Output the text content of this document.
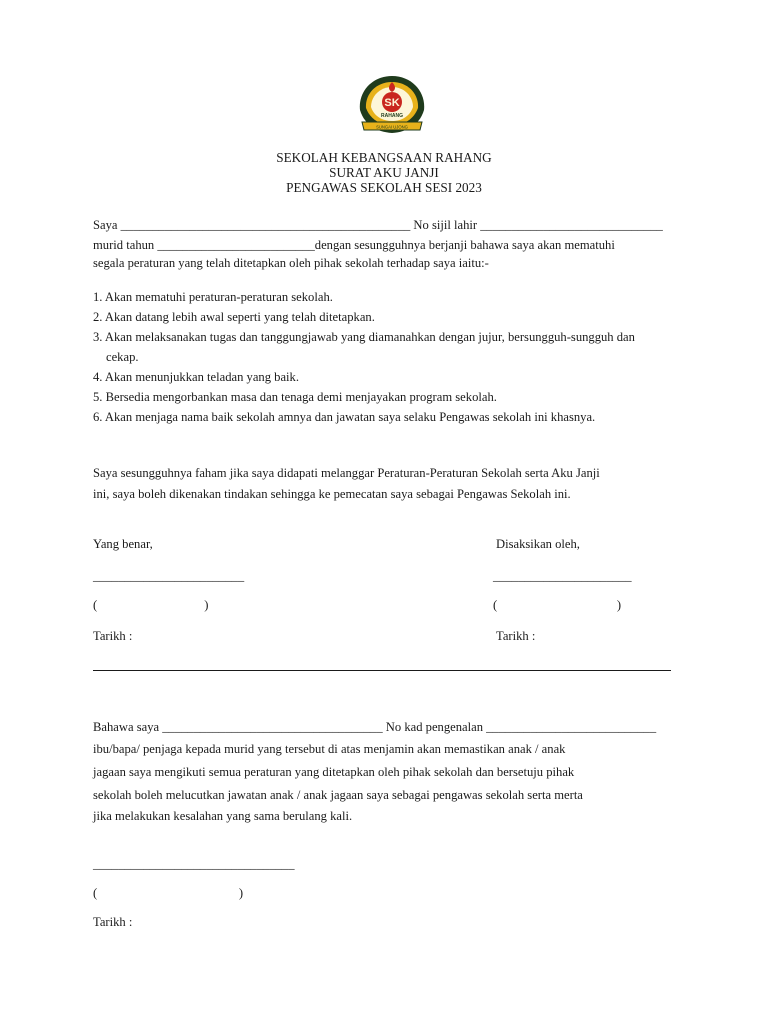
SK
RAHANG
SUNGAI UJONG
SEKOLAH KEBANGSAAN RAHANG
SURAT AKU JANJI
PENGAWAS SEKOLAH SESI 2023
Saya ______________________________________________ No sijil lahir _____________________________
murid tahun _________________________dengan sesungguhnya berjanji bahawa saya akan mematuhi
segala peraturan yang telah ditetapkan oleh pihak sekolah terhadap saya iaitu:-
1. Akan mematuhi peraturan-peraturan sekolah.
2. Akan datang lebih awal seperti yang telah ditetapkan.
3. Akan melaksanakan tugas dan tanggungjawab yang diamanahkan dengan jujur, bersungguh-sungguh dan cekap.
4. Akan menunjukkan teladan yang baik.
5. Bersedia mengorbankan masa dan tenaga demi menjayakan program sekolah.
6. Akan menjaga nama baik sekolah amnya dan jawatan saya selaku Pengawas sekolah ini khasnya.
Saya sesungguhnya faham jika saya didapati melanggar Peraturan-Peraturan Sekolah serta Aku Janji
ini, saya boleh dikenakan tindakan sehingga ke pemecatan saya sebagai Pengawas Sekolah ini.
Yang benar,	Disaksikan oleh,
________________________	______________________
(                                  )	(                                      )
Tarikh :	Tarikh :
Bahawa saya ___________________________________ No kad pengenalan ___________________________
ibu/bapa/ penjaga kepada murid yang tersebut di atas menjamin akan memastikan anak / anak
jagaan saya mengikuti semua peraturan yang ditetapkan oleh pihak sekolah dan bersetuju pihak
sekolah boleh melucutkan jawatan anak / anak jagaan saya sebagai pengawas sekolah serta merta
jika melakukan kesalahan yang sama berulang kali.
________________________________
(                                             )
Tarikh :
